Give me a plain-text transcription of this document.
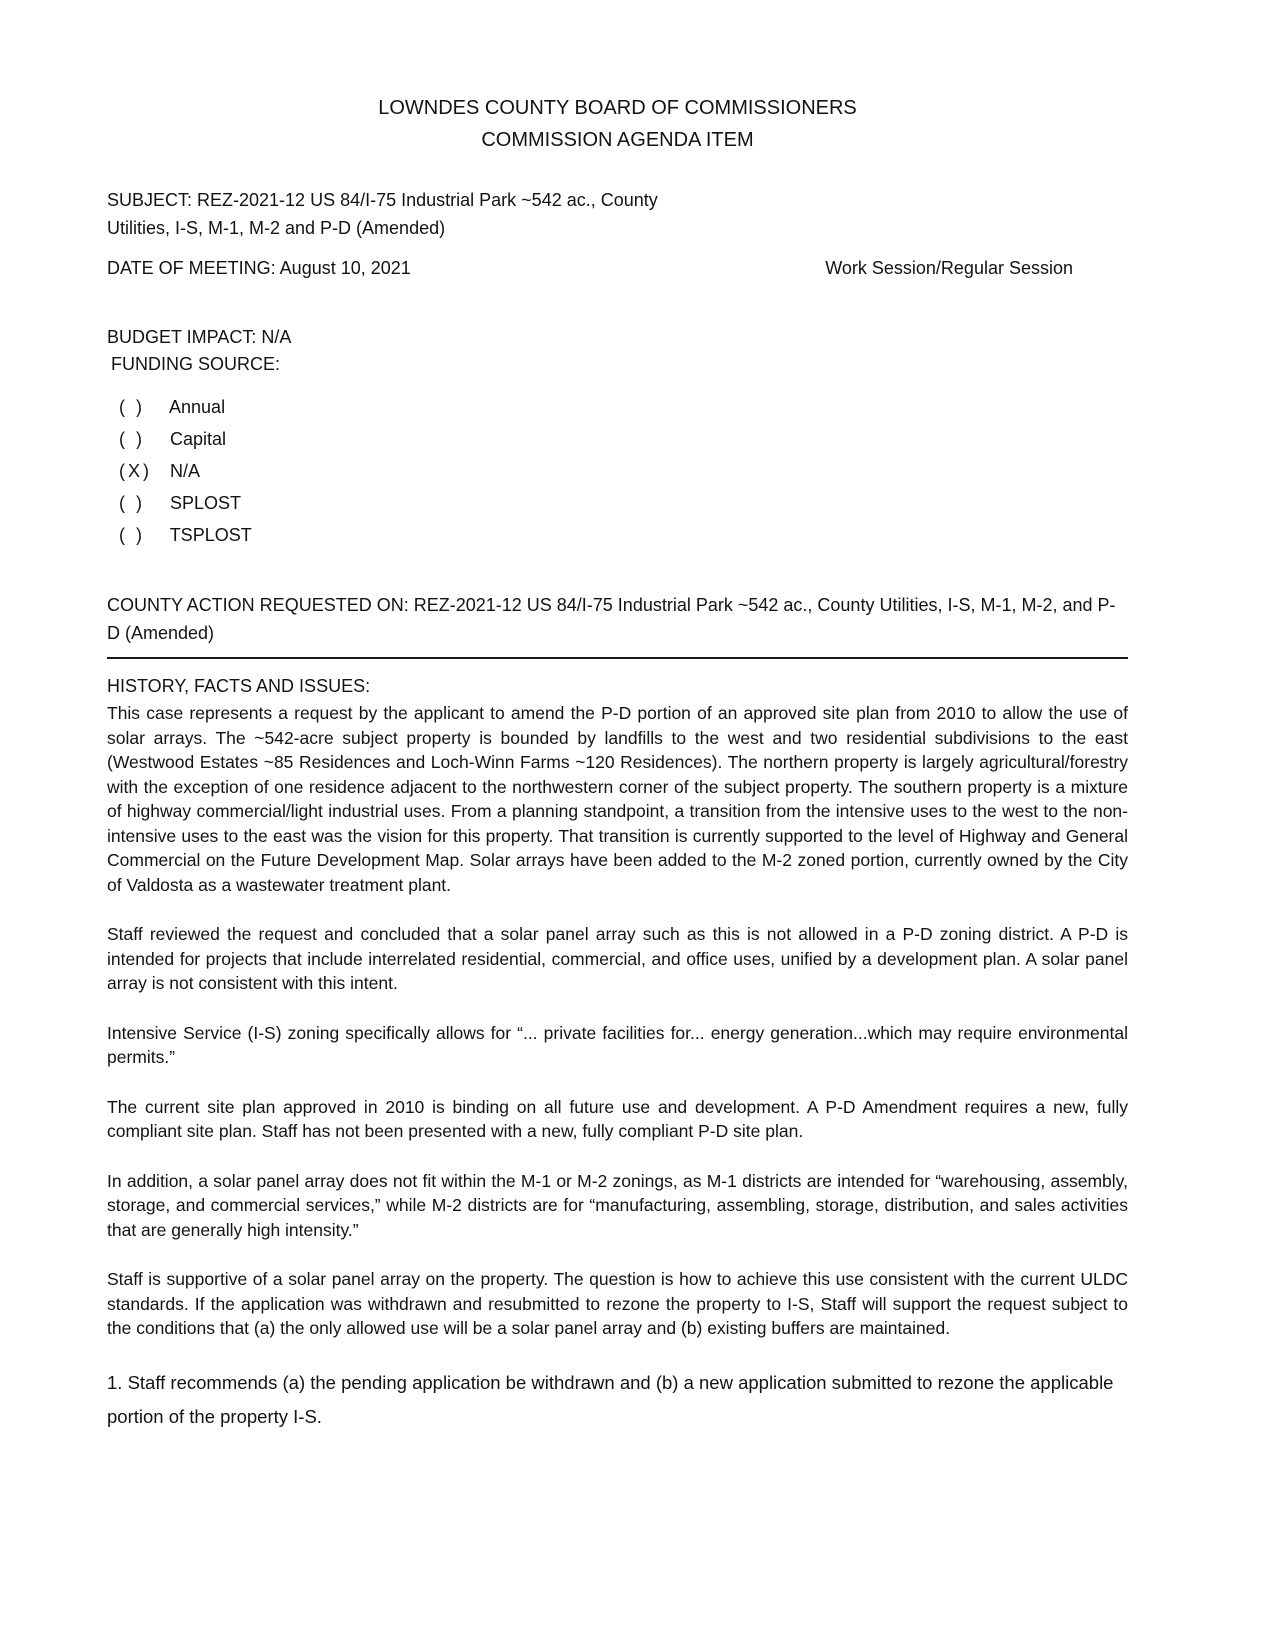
LOWNDES COUNTY BOARD OF COMMISSIONERS
COMMISSION AGENDA ITEM
SUBJECT: REZ-2021-12 US 84/I-75 Industrial Park ~542 ac., County
Utilities, I-S, M-1, M-2 and P-D (Amended)
DATE OF MEETING: August 10, 2021	Work Session/Regular Session
BUDGET IMPACT: N/A
FUNDING SOURCE:
( ) Annual
( ) Capital
(X) N/A
( ) SPLOST
( ) TSPLOST
COUNTY ACTION REQUESTED ON: REZ-2021-12 US 84/I-75 Industrial Park ~542 ac., County Utilities, I-S, M-1, M-2, and P-D (Amended)
HISTORY, FACTS AND ISSUES:

This case represents a request by the applicant to amend the P-D portion of an approved site plan from 2010 to allow the use of solar arrays. The ~542-acre subject property is bounded by landfills to the west and two residential subdivisions to the east (Westwood Estates ~85 Residences and Loch-Winn Farms ~120 Residences). The northern property is largely agricultural/forestry with the exception of one residence adjacent to the northwestern corner of the subject property. The southern property is a mixture of highway commercial/light industrial uses. From a planning standpoint, a transition from the intensive uses to the west to the non-intensive uses to the east was the vision for this property. That transition is currently supported to the level of Highway and General Commercial on the Future Development Map. Solar arrays have been added to the M-2 zoned portion, currently owned by the City of Valdosta as a wastewater treatment plant.

Staff reviewed the request and concluded that a solar panel array such as this is not allowed in a P-D zoning district. A P-D is intended for projects that include interrelated residential, commercial, and office uses, unified by a development plan. A solar panel array is not consistent with this intent.

Intensive Service (I-S) zoning specifically allows for “... private facilities for... energy generation...which may require environmental permits.”

The current site plan approved in 2010 is binding on all future use and development. A P-D Amendment requires a new, fully compliant site plan. Staff has not been presented with a new, fully compliant P-D site plan.

In addition, a solar panel array does not fit within the M-1 or M-2 zonings, as M-1 districts are intended for “warehousing, assembly, storage, and commercial services,” while M-2 districts are for “manufacturing, assembling, storage, distribution, and sales activities that are generally high intensity.”

Staff is supportive of a solar panel array on the property. The question is how to achieve this use consistent with the current ULDC standards. If the application was withdrawn and resubmitted to rezone the property to I-S, Staff will support the request subject to the conditions that (a) the only allowed use will be a solar panel array and (b) existing buffers are maintained.

1. Staff recommends (a) the pending application be withdrawn and (b) a new application submitted to rezone the applicable portion of the property I-S.
